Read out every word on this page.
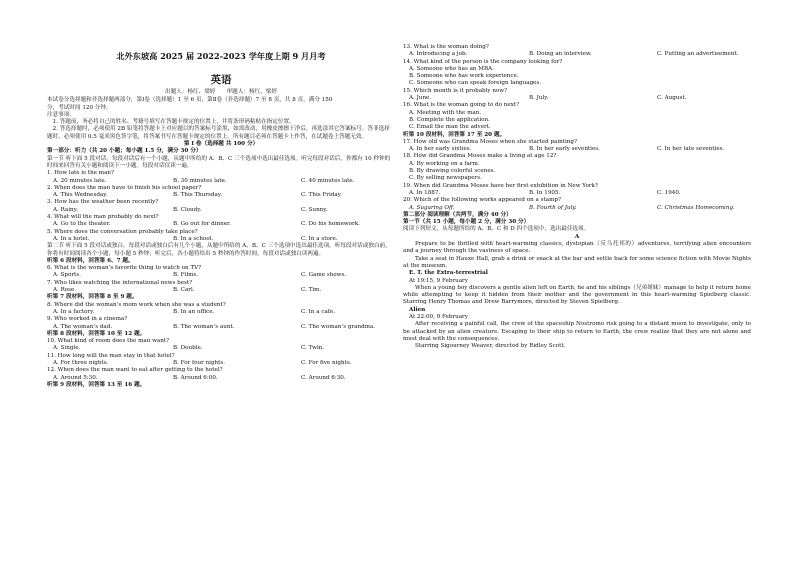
北外东坡高 2025 届 2022-2023 学年度上期 9 月月考
英语
出题人：杨红、梁婷　　审题人：杨红、梁婷
本试卷分选择题和非选择题两部分，第Ⅰ卷（选择题）1 至 6 页，第Ⅱ卷（非选择题）7 至 8 页，共 8 页，满分 150
分，考试时间 120 分钟。
注意事项：
　1. 答题前，务必将自己的姓名、考籍号填写在答题卡规定的位置上，并将条形码粘贴在指定位置。
　2. 答选择题时，必须使用 2B 铅笔将答题卡上对应题目的答案标号涂黑，如需改动，用橡皮擦擦干净后，再选涂其它答案标号。答非选择题时，必须使用 0.5 毫米黑色签字笔，将答案书写在答题卡规定的位置上。所有题目必须在答题卡上作答，在试题卷上答题无效。
第 I 卷（选择题 共 100 分）
第一部分：听力（共 20 小题；每小题 1.5 分，满分 30 分）
第一节 听下面 5 段对话，每段对话后有一个小题，从题中所给的 A、B、C 三个选项中选出最佳选项。听完每段对话后，你都有 10 秒钟的时间来回答有关小题和阅读下一小题。每段对话仅读一遍。
1. How late is the man?
A. 20 minutes late.	B. 30 minutes late.	C. 40 minutes late.
2. When does the man have to finish his school paper?
A. This Wednesday.	B. This Thursday.	C. This Friday.
3. How has the weather been recently?
A. Rainy.	B. Cloudy.	C. Sunny.
4. What will the man probably do next?
A. Go to the theater.	B. Go out for dinner.	C. Do his homework.
5. Where does the conversation probably take place?
A. In a hotel.	B. In a school.	C. In a store.
第二节 听下面 5 段对话或独白，每段对话或独白后有几个小题，从题中所给的 A、B、C 三个选项中选出最佳选项。听每段对话或独白前，你将有时间阅读各个小题，每小题 5 秒钟；听完后，各小题将给出 5 秒钟的作答时间。每段对话或独白读两遍。
听第 6 段材料，回答第 6、7 题。
6. What is the woman’s favorite thing to watch on TV?
A. Sports.	B. Films.	C. Game shows.
7. Who likes watching the international news best?
A. Rose.	B. Carl.	C. Tim.
听第 7 段材料，回答第 8 至 9 题。
8. Where did the woman’s mom work when she was a student?
A. In a factory.	B. In an office.	C. In a cafe.
9. Who worked in a cinema?
A. The woman’s dad.	B. The woman’s aunt.	C. The woman’s grandma.
听第 8 段材料，回答第 10 至 12 题。
10. What kind of room does the man want?
A. Single.	B. Double.	C. Twin.
11. How long will the man stay in that hotel?
A. For three nights.	B. For four nights.	C. For five nights.
12. When does the man want to eat after getting to the hotel?
A. Around 5:30.	B. Around 6:00.	C. Around 6:30.
听第 9 段材料，回答第 13 至 16 题。
13. What is the woman doing?
A. Introducing a job.	B. Doing an interview.	C. Putting an advertisement.
14. What kind of the person is the company looking for?
A. Someone who has an MBA.
B. Someone who has work experience.
C. Someone who can speak foreign languages.
15. Which month is it probably now?
A. June.	B. July.	C. August.
16. What is the woman going to do next?
A. Meeting with the man.
B. Complete the application.
C. Email the man the advert.
听第 10 段材料，回答第 17 至 20 题。
17. How old was Grandma Moses when she started painting?
A. In her early sixties.	B. In her early seventies.	C. In her late seventies.
18. How did Grandma Moses make a living at age 12?
A. By working on a farm.
B. By drawing colorful scenes.
C. By selling newspapers.
19. When did Grandma Moses have her first exhibition in New York?
A. In 1887.	B. In 1905.	C. 1940.
20. Which of the following works appeared on a stamp?
A. Sugaring Off.	B. Fourth of July.	C. Christmas Homecoming.
第二部分 阅读理解（共两节，满分 40 分）
第一节（共 15 小题，每小题 2 分，满分 30 分）
阅读下列短文，从每题所给的 A、B、C 和 D 四个选项中，选出最佳选项。
A
Prepare to be thrilled with heart-warming classics, dystopian（反乌托邦的）adventures, terrifying alien encounters and a journey through the vastness of space.
Take a seat in Hauxe Hall, grab a drink or snack at the bar and settle back for some science fiction with Movie Nights at the museum.
E. T. the Extra-terrestrial
At 19:15, 9 February
When a young boy discovers a gentle alien left on Earth, he and his siblings（兄弟姐妹）manage to help it return home while attempting to keep it hidden from their mother and the government in this heart-warming Spielberg classic. Starring Henry Thomas and Drew Barrymore, directed by Steven Spielberg.
Alien
At 22:00, 9 February
After receiving a painful call, the crew of the spaceship Nostromo risk going to a distant moon to investigate, only to be attacked by an alien creature. Escaping to their ship to return to Earth, the crew realize that they are not alone and must deal with the consequences.
Starring Sigourney Weaver, directed by Ridley Scott.
